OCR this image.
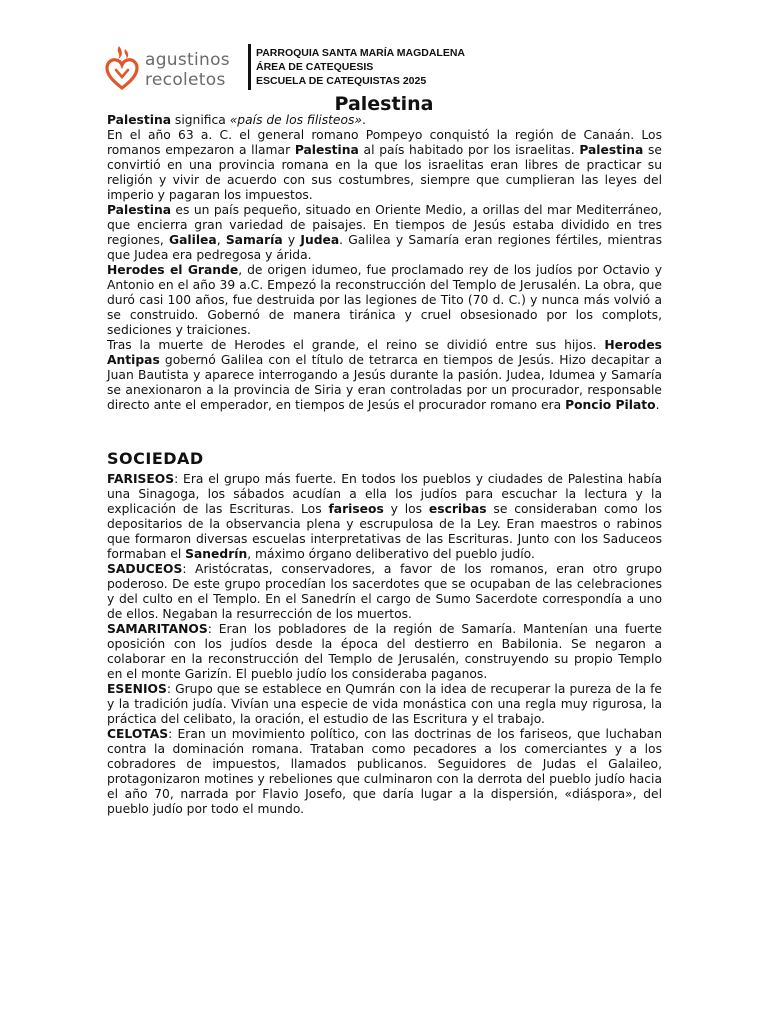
agustinos
recoletos
PARROQUIA SANTA MARÍA MAGDALENA
ÁREA DE CATEQUESIS
ESCUELA DE CATEQUISTAS 2025
Palestina

Palestina significa «país de los filisteos».

En el año 63 a. C. el general romano Pompeyo conquistó la región de Canaán. Los romanos empezaron a llamar Palestina al país habitado por los israelitas. Palestina se convirtió en una provincia romana en la que los israelitas eran libres de practicar su religión y vivir de acuerdo con sus costumbres, siempre que cumplieran las leyes del imperio y pagaran los impuestos.

Palestina es un país pequeño, situado en Oriente Medio, a orillas del mar Mediterráneo, que encierra gran variedad de paisajes. En tiempos de Jesús estaba dividido en tres regiones, Galilea, Samaría y Judea. Galilea y Samaría eran regiones fértiles, mientras que Judea era pedregosa y árida.

Herodes el Grande, de origen idumeo, fue proclamado rey de los judíos por Octavio y Antonio en el año 39 a.C. Empezó la reconstrucción del Templo de Jerusalén. La obra, que duró casi 100 años, fue destruida por las legiones de Tito (70 d. C.) y nunca más volvió a se construido. Gobernó de manera tiránica y cruel obsesionado por los complots, sediciones y traiciones.

Tras la muerte de Herodes el grande, el reino se dividió entre sus hijos. Herodes Antipas gobernó Galilea con el título de tetrarca en tiempos de Jesús. Hizo decapitar a Juan Bautista y aparece interrogando a Jesús durante la pasión. Judea, Idumea y Samaría se anexionaron a la provincia de Siria y eran controladas por un procurador, responsable directo ante el emperador, en tiempos de Jesús el procurador romano era Poncio Pilato.

SOCIEDAD

FARISEOS: Era el grupo más fuerte. En todos los pueblos y ciudades de Palestina había una Sinagoga, los sábados acudían a ella los judíos para escuchar la lectura y la explicación de las Escrituras. Los fariseos y los escribas se consideraban como los depositarios de la observancia plena y escrupulosa de la Ley. Eran maestros o rabinos que formaron diversas escuelas interpretativas de las Escrituras. Junto con los Saduceos formaban el Sanedrín, máximo órgano deliberativo del pueblo judío.

SADUCEOS: Aristócratas, conservadores, a favor de los romanos, eran otro grupo poderoso. De este grupo procedían los sacerdotes que se ocupaban de las celebraciones y del culto en el Templo. En el Sanedrín el cargo de Sumo Sacerdote correspondía a uno de ellos. Negaban la resurrección de los muertos.

SAMARITANOS: Eran los pobladores de la región de Samaría. Mantenían una fuerte oposición con los judíos desde la época del destierro en Babilonia. Se negaron a colaborar en la reconstrucción del Templo de Jerusalén, construyendo su propio Templo en el monte Garizín. El pueblo judío los consideraba paganos.

ESENIOS: Grupo que se establece en Qumrán con la idea de recuperar la pureza de la fe y la tradición judía. Vivían una especie de vida monástica con una regla muy rigurosa, la práctica del celibato, la oración, el estudio de las Escritura y el trabajo.

CELOTAS: Eran un movimiento político, con las doctrinas de los fariseos, que luchaban contra la dominación romana. Trataban como pecadores a los comerciantes y a los cobradores de impuestos, llamados publicanos. Seguidores de Judas el Galaileo, protagonizaron motines y rebeliones que culminaron con la derrota del pueblo judío hacia el año 70, narrada por Flavio Josefo, que daría lugar a la dispersión, «diáspora», del pueblo judío por todo el mundo.
